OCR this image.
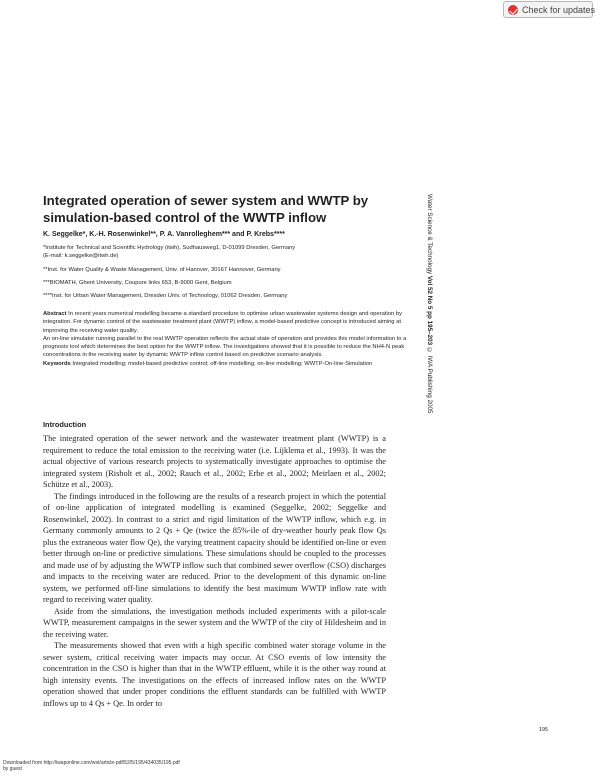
Check for updates
Integrated operation of sewer system and WWTP by simulation-based control of the WWTP inflow
K. Seggelke*, K.-H. Rosenwinkel**, P. A. Vanrolleghem*** and P. Krebs****
*Institute for Technical and Scientific Hydrology (itwh), Sudhausweg1, D-01099 Dresden, Germany
(E-mail: k.seggelke@itwh.de)
**Inst. for Water Quality & Waste Management, Univ. of Hanover, 30167 Hannover, Germany
***BIOMATH, Ghent University, Coupure links 653, B-9000 Gent, Belgium
****Inst. for Urban Water Management, Dresden Univ. of Technology, 01062 Dresden, Germany
Abstract In recent years numerical modelling became a standard procedure to optimise urban wastewater systems design and operation by integration. For dynamic control of the wastewater treatment plant (WWTP) inflow, a model-based predictive concept is introduced aiming at improving the receiving water quality.
An on-line simulator running parallel to the real WWTP operation reflects the actual state of operation and provides this model information to a prognosis tool which determines the best option for the WWTP inflow. The investigations showed that it is possible to reduce the NH4-N peak concentrations in the receiving water by dynamic WWTP inflow control based on predictive scenario analysis.
Keywords Integrated modelling; model-based predictive control; off-line modelling; on-line modelling; WWTP-On-line-Simulation
Introduction

The integrated operation of the sewer network and the wastewater treatment plant (WWTP) is a requirement to reduce the total emission to the receiving water (i.e. Lijklema et al., 1993). It was the actual objective of various research projects to systematically investigate approaches to optimise the integrated system (Risholt et al., 2002; Rauch et al., 2002; Erbe et al., 2002; Meirlaen et al., 2002; Schütze et al., 2003).

The findings introduced in the following are the results of a research project in which the potential of on-line application of integrated modelling is examined (Seggelke, 2002; Seggelke and Rosenwinkel, 2002). In contrast to a strict and rigid limitation of the WWTP inflow, which e.g. in Germany commonly amounts to 2 Qs + Qe (twice the 85%-ile of dry-weather hourly peak flow Qs plus the extraneous water flow Qe), the varying treatment capacity should be identified on-line or even better through on-line or predictive simulations. These simulations should be coupled to the processes and made use of by adjusting the WWTP inflow such that combined sewer overflow (CSO) discharges and impacts to the receiving water are reduced. Prior to the development of this dynamic on-line system, we performed off-line simulations to identify the best maximum WWTP inflow rate with regard to receiving water quality.

Aside from the simulations, the investigation methods included experiments with a pilot-scale WWTP, measurement campaigns in the sewer system and the WWTP of the city of Hildesheim and in the receiving water.

The measurements showed that even with a high specific combined water storage volume in the sewer system, critical receiving water impacts may occur. At CSO events of low intensity the concentration in the CSO is higher than that in the WWTP effluent, while it is the other way round at high intensity events. The investigations on the effects of increased inflow rates on the WWTP operation showed that under proper conditions the effluent standards can be fulfilled with WWTP inflows up to 4 Qs + Qe. In order to

Water Science & Technology Vol 52 No 5 pp 195–203 © IWA Publishing 2005
195
Downloaded from http://iwaponline.com/wst/article-pdf/52/5/195/434035/195.pdf
by guest
